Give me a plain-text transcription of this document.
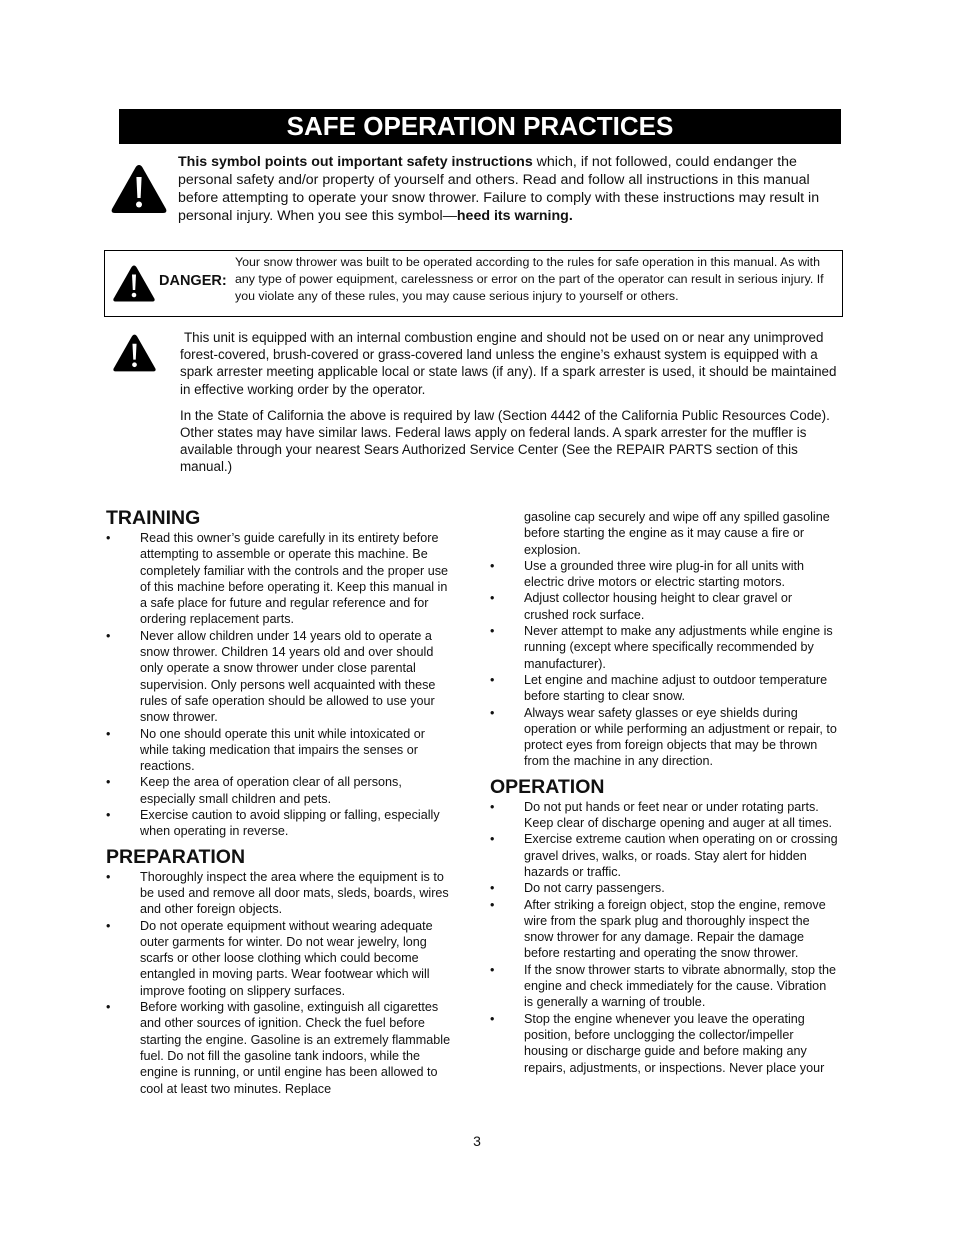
SAFE OPERATION PRACTICES
This symbol points out important safety instructions which, if not followed, could endanger the personal safety and/or property of yourself and others. Read and follow all instructions in this manual before attempting to operate your snow thrower. Failure to comply with these instructions may result in personal injury. When you see this symbol—heed its warning.
DANGER:
Your snow thrower was built to be operated according to the rules for safe operation in this manual. As with any type of power equipment, carelessness or error on the part of the operator can result in serious injury. If you violate any of these rules, you may cause serious injury to yourself or others.

This unit is equipped with an internal combustion engine and should not be used on or near any unimproved forest-covered, brush-covered or grass-covered land unless the engine’s exhaust system is equipped with a spark arrester meeting applicable local or state laws (if any). If a spark arrester is used, it should be maintained in effective working order by the operator.

In the State of California the above is required by law (Section 4442 of the California Public Resources Code). Other states may have similar laws. Federal laws apply on federal lands. A spark arrester for the muffler is available through your nearest Sears Authorized Service Center (See the REPAIR PARTS section of this manual.)

TRAINING
• Read this owner’s guide carefully in its entirety before attempting to assemble or operate this machine. Be completely familiar with the controls and the proper use of this machine before operating it. Keep this manual in a safe place for future and regular reference and for ordering replacement parts.
• Never allow children under 14 years old to operate a snow thrower. Children 14 years old and over should only operate a snow thrower under close parental supervision. Only persons well acquainted with these rules of safe operation should be allowed to use your snow thrower.
• No one should operate this unit while intoxicated or while taking medication that impairs the senses or reactions.
• Keep the area of operation clear of all persons, especially small children and pets.
• Exercise caution to avoid slipping or falling, especially when operating in reverse.
PREPARATION
• Thoroughly inspect the area where the equipment is to be used and remove all door mats, sleds, boards, wires and other foreign objects.
• Do not operate equipment without wearing adequate outer garments for winter. Do not wear jewelry, long scarfs or other loose clothing which could become entangled in moving parts. Wear footwear which will improve footing on slippery surfaces.
• Before working with gasoline, extinguish all cigarettes and other sources of ignition. Check the fuel before starting the engine. Gasoline is an extremely flammable fuel. Do not fill the gasoline tank indoors, while the engine is running, or until engine has been allowed to cool at least two minutes. Replace
gasoline cap securely and wipe off any spilled gasoline before starting the engine as it may cause a fire or explosion.
• Use a grounded three wire plug-in for all units with electric drive motors or electric starting motors.
• Adjust collector housing height to clear gravel or crushed rock surface.
• Never attempt to make any adjustments while engine is running (except where specifically recommended by manufacturer).
• Let engine and machine adjust to outdoor temperature before starting to clear snow.
• Always wear safety glasses or eye shields during operation or while performing an adjustment or repair, to protect eyes from foreign objects that may be thrown from the machine in any direction.
OPERATION
• Do not put hands or feet near or under rotating parts. Keep clear of discharge opening and auger at all times.
• Exercise extreme caution when operating on or crossing gravel drives, walks, or roads. Stay alert for hidden hazards or traffic.
• Do not carry passengers.
• After striking a foreign object, stop the engine, remove wire from the spark plug and thoroughly inspect the snow thrower for any damage. Repair the damage before restarting and operating the snow thrower.
• If the snow thrower starts to vibrate abnormally, stop the engine and check immediately for the cause. Vibration is generally a warning of trouble.
• Stop the engine whenever you leave the operating position, before unclogging the collector/impeller housing or discharge guide and before making any repairs, adjustments, or inspections. Never place your
3
